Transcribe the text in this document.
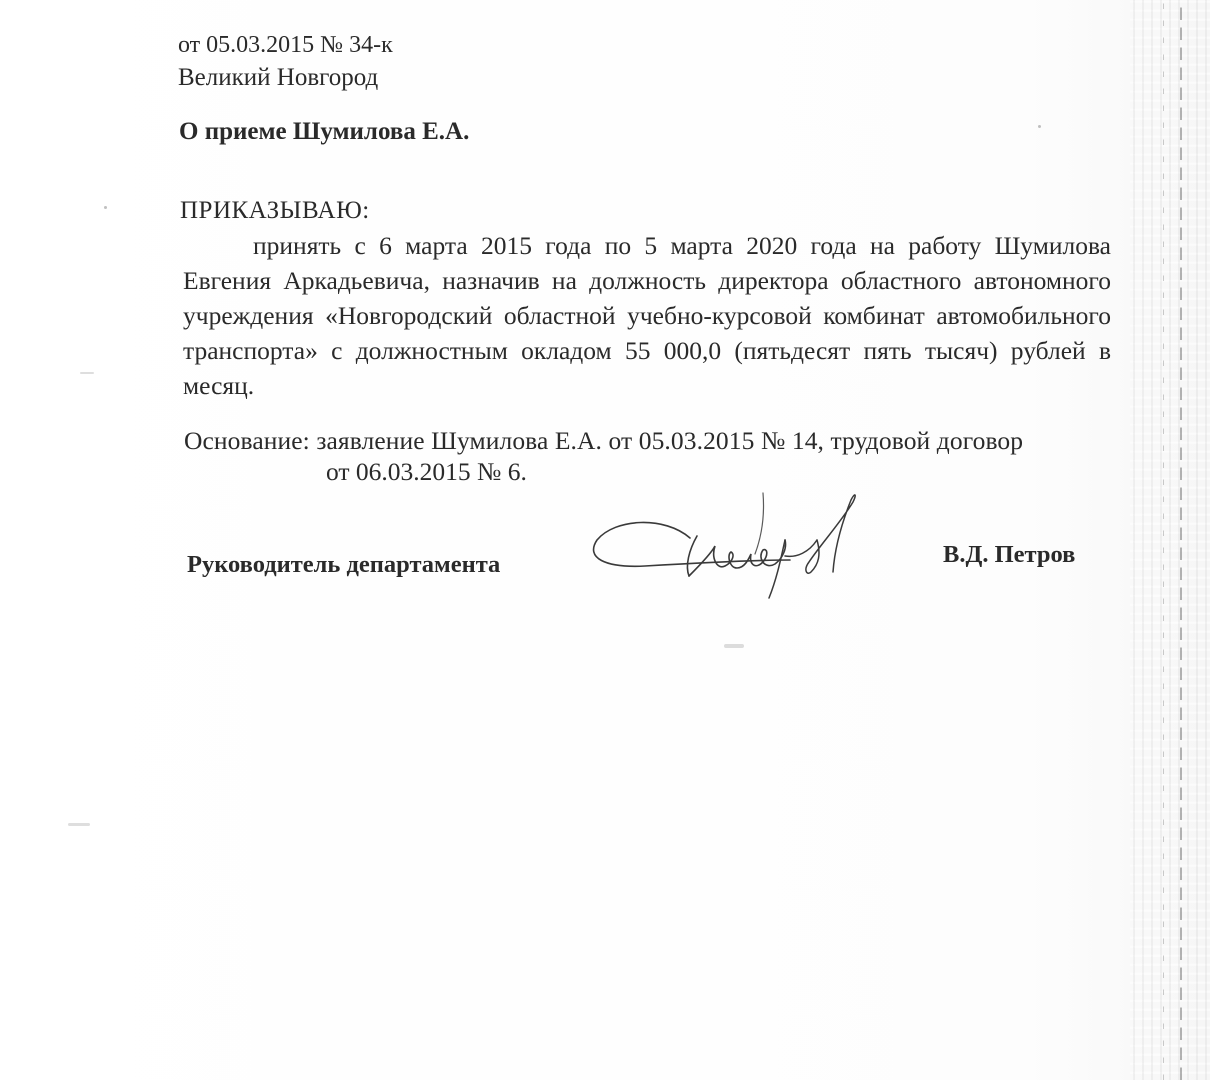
от 05.03.2015 № 34-к
Великий Новгород
О приеме Шумилова Е.А.
ПРИКАЗЫВАЮ:
принять с 6 марта 2015 года по 5 марта 2020 года на работу Шумилова Евгения Аркадьевича, назначив на должность директора областного автономного учреждения «Новгородский областной учебно-курсовой комбинат автомобильного транспорта» с должностным окладом 55 000,0 (пятьдесят пять тысяч) рублей в месяц.
Основание: заявление Шумилова Е.А. от 05.03.2015 № 14, трудовой договор
от 06.03.2015 № 6.
Руководитель департамента	В.Д. Петров
